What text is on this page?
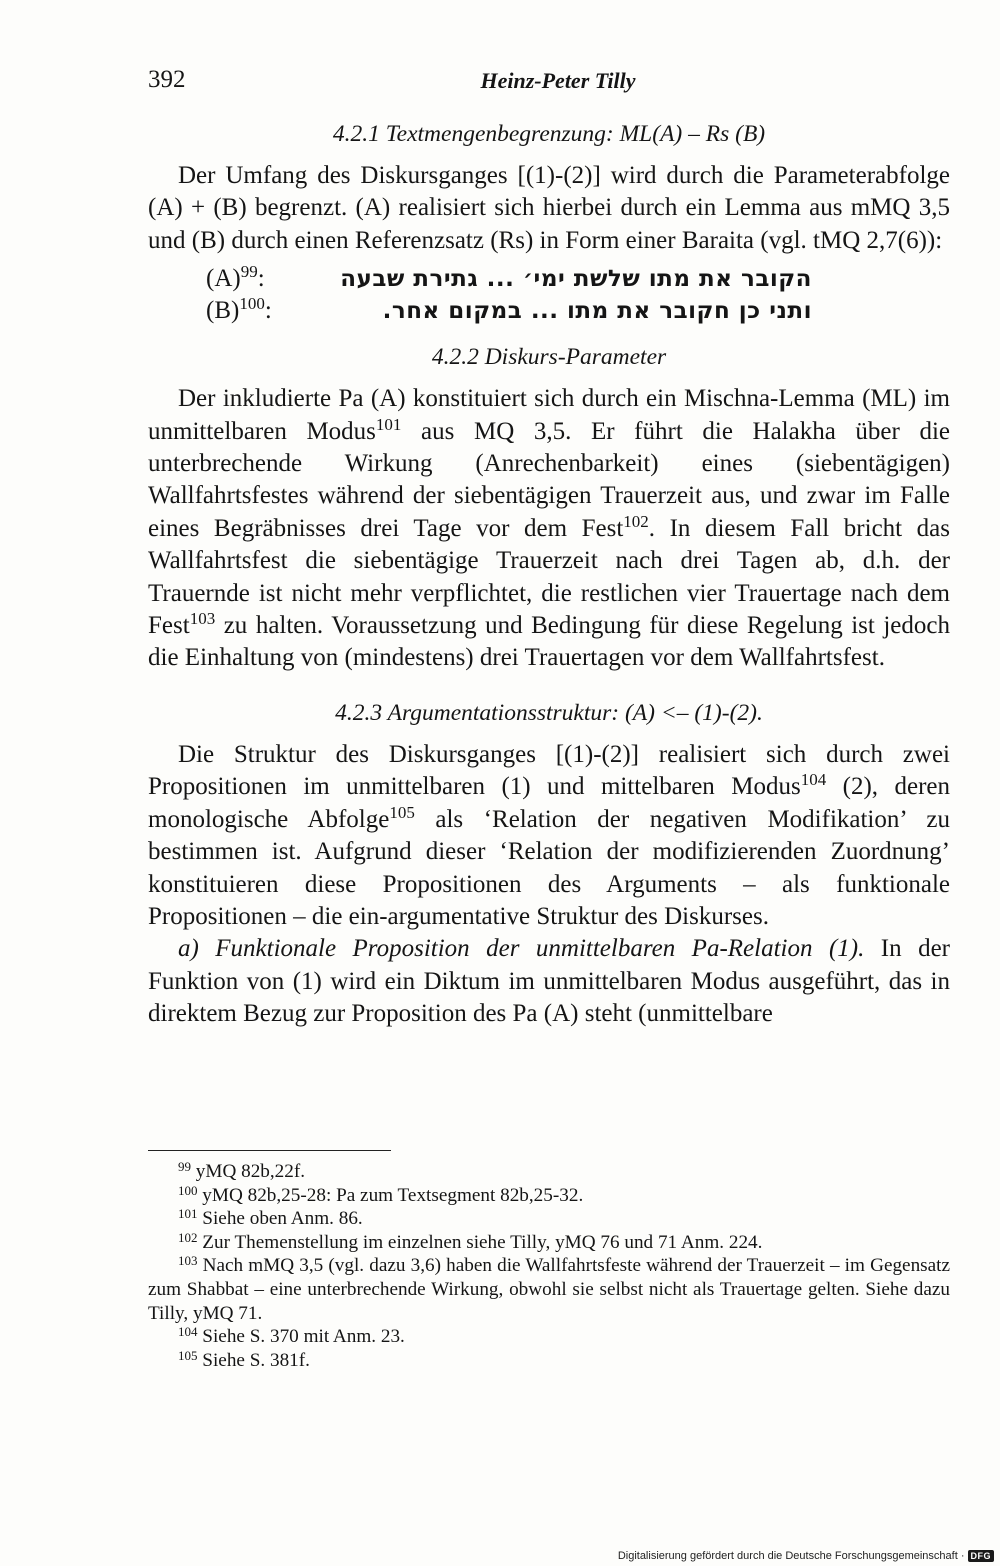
392	Heinz-Peter Tilly
4.2.1 Textmengenbegrenzung: ML(A) – Rs (B)

Der Umfang des Diskursganges [(1)-(2)] wird durch die Parameterabfolge (A) + (B) begrenzt. (A) realisiert sich hierbei durch ein Lemma aus mMQ 3,5 und (B) durch einen Referenzsatz (Rs) in Form einer Baraita (vgl. tMQ 2,7(6)):

$(A)^{99}$:	הקובר את מתו שלשת ימי׳ ... גתירת שבעה
$(B)^{100}$:	ותני כן חקובר את מתו ... במקום אחר.
4.2.2 Diskurs-Parameter

Der inkludierte Pa (A) konstituiert sich durch ein Mischna-Lemma (ML) im unmittelbaren Modus$^{101}$ aus MQ 3,5. Er führt die Halakha über die unterbrechende Wirkung (Anrechenbarkeit) eines (siebentägigen) Wallfahrtsfestes während der siebentägigen Trauerzeit aus, und zwar im Falle eines Begräbnisses drei Tage vor dem Fest$^{102}$. In diesem Fall bricht das Wallfahrtsfest die siebentägige Trauerzeit nach drei Tagen ab, d.h. der Trauernde ist nicht mehr verpflichtet, die restlichen vier Trauertage nach dem Fest$^{103}$ zu halten. Voraussetzung und Bedingung für diese Regelung ist jedoch die Einhaltung von (mindestens) drei Trauertagen vor dem Wallfahrtsfest.

4.2.3 Argumentationsstruktur: (A) <– (1)-(2).

Die Struktur des Diskursganges [(1)-(2)] realisiert sich durch zwei Propositionen im unmittelbaren (1) und mittelbaren Modus$^{104}$ (2), deren monologische Abfolge$^{105}$ als ‘Relation der negativen Modifikation’ zu bestimmen ist. Aufgrund dieser ‘Relation der modifizierenden Zuordnung’ konstituieren diese Propositionen des Arguments – als funktionale Propositionen – die ein-argumentative Struktur des Diskurses.

a) Funktionale Proposition der unmittelbaren Pa-Relation (1). In der Funktion von (1) wird ein Diktum im unmittelbaren Modus ausgeführt, das in direktem Bezug zur Proposition des Pa (A) steht (unmittelbare

$^{99}$ yMQ 82b,22f.

$^{100}$ yMQ 82b,25-28: Pa zum Textsegment 82b,25-32.

$^{101}$ Siehe oben Anm. 86.

$^{102}$ Zur Themenstellung im einzelnen siehe Tilly, yMQ 76 und 71 Anm. 224.

$^{103}$ Nach mMQ 3,5 (vgl. dazu 3,6) haben die Wallfahrtsfeste während der Trauerzeit – im Gegensatz zum Shabbat – eine unterbrechende Wirkung, obwohl sie selbst nicht als Trauertage gelten. Siehe dazu Tilly, yMQ 71.

$^{104}$ Siehe S. 370 mit Anm. 23.

$^{105}$ Siehe S. 381f.

Digitalisierung gefördert durch die Deutsche Forschungsgemeinschaft · DFG
